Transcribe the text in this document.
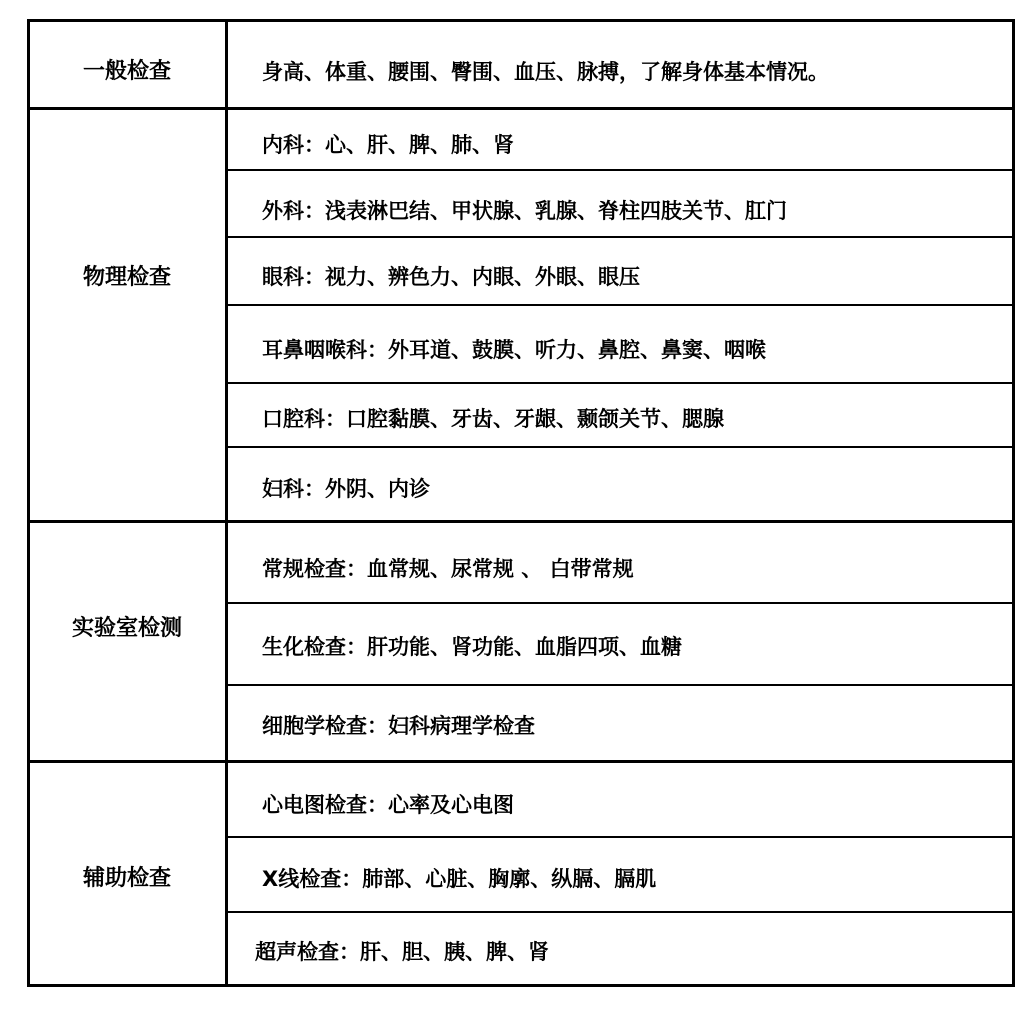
一般检查
物理检查
实验室检测
辅助检查
身高、体重、腰围、臀围、血压、脉搏，了解身体基本情况。
内科：心、肝、脾、肺、肾
外科：浅表淋巴结、甲状腺、乳腺、脊柱四肢关节、肛门
眼科：视力、辨色力、内眼、外眼、眼压
耳鼻咽喉科：外耳道、鼓膜、听力、鼻腔、鼻窦、咽喉
口腔科：口腔黏膜、牙齿、牙龈、颞颌关节、腮腺
妇科：外阴、内诊
常规检查：血常规、尿常规 、 白带常规
生化检查：肝功能、肾功能、血脂四项、血糖
细胞学检查：妇科病理学检查
心电图检查：心率及心电图
X线检查：肺部、心脏、胸廓、纵膈、膈肌
超声检查：肝、胆、胰、脾、肾
